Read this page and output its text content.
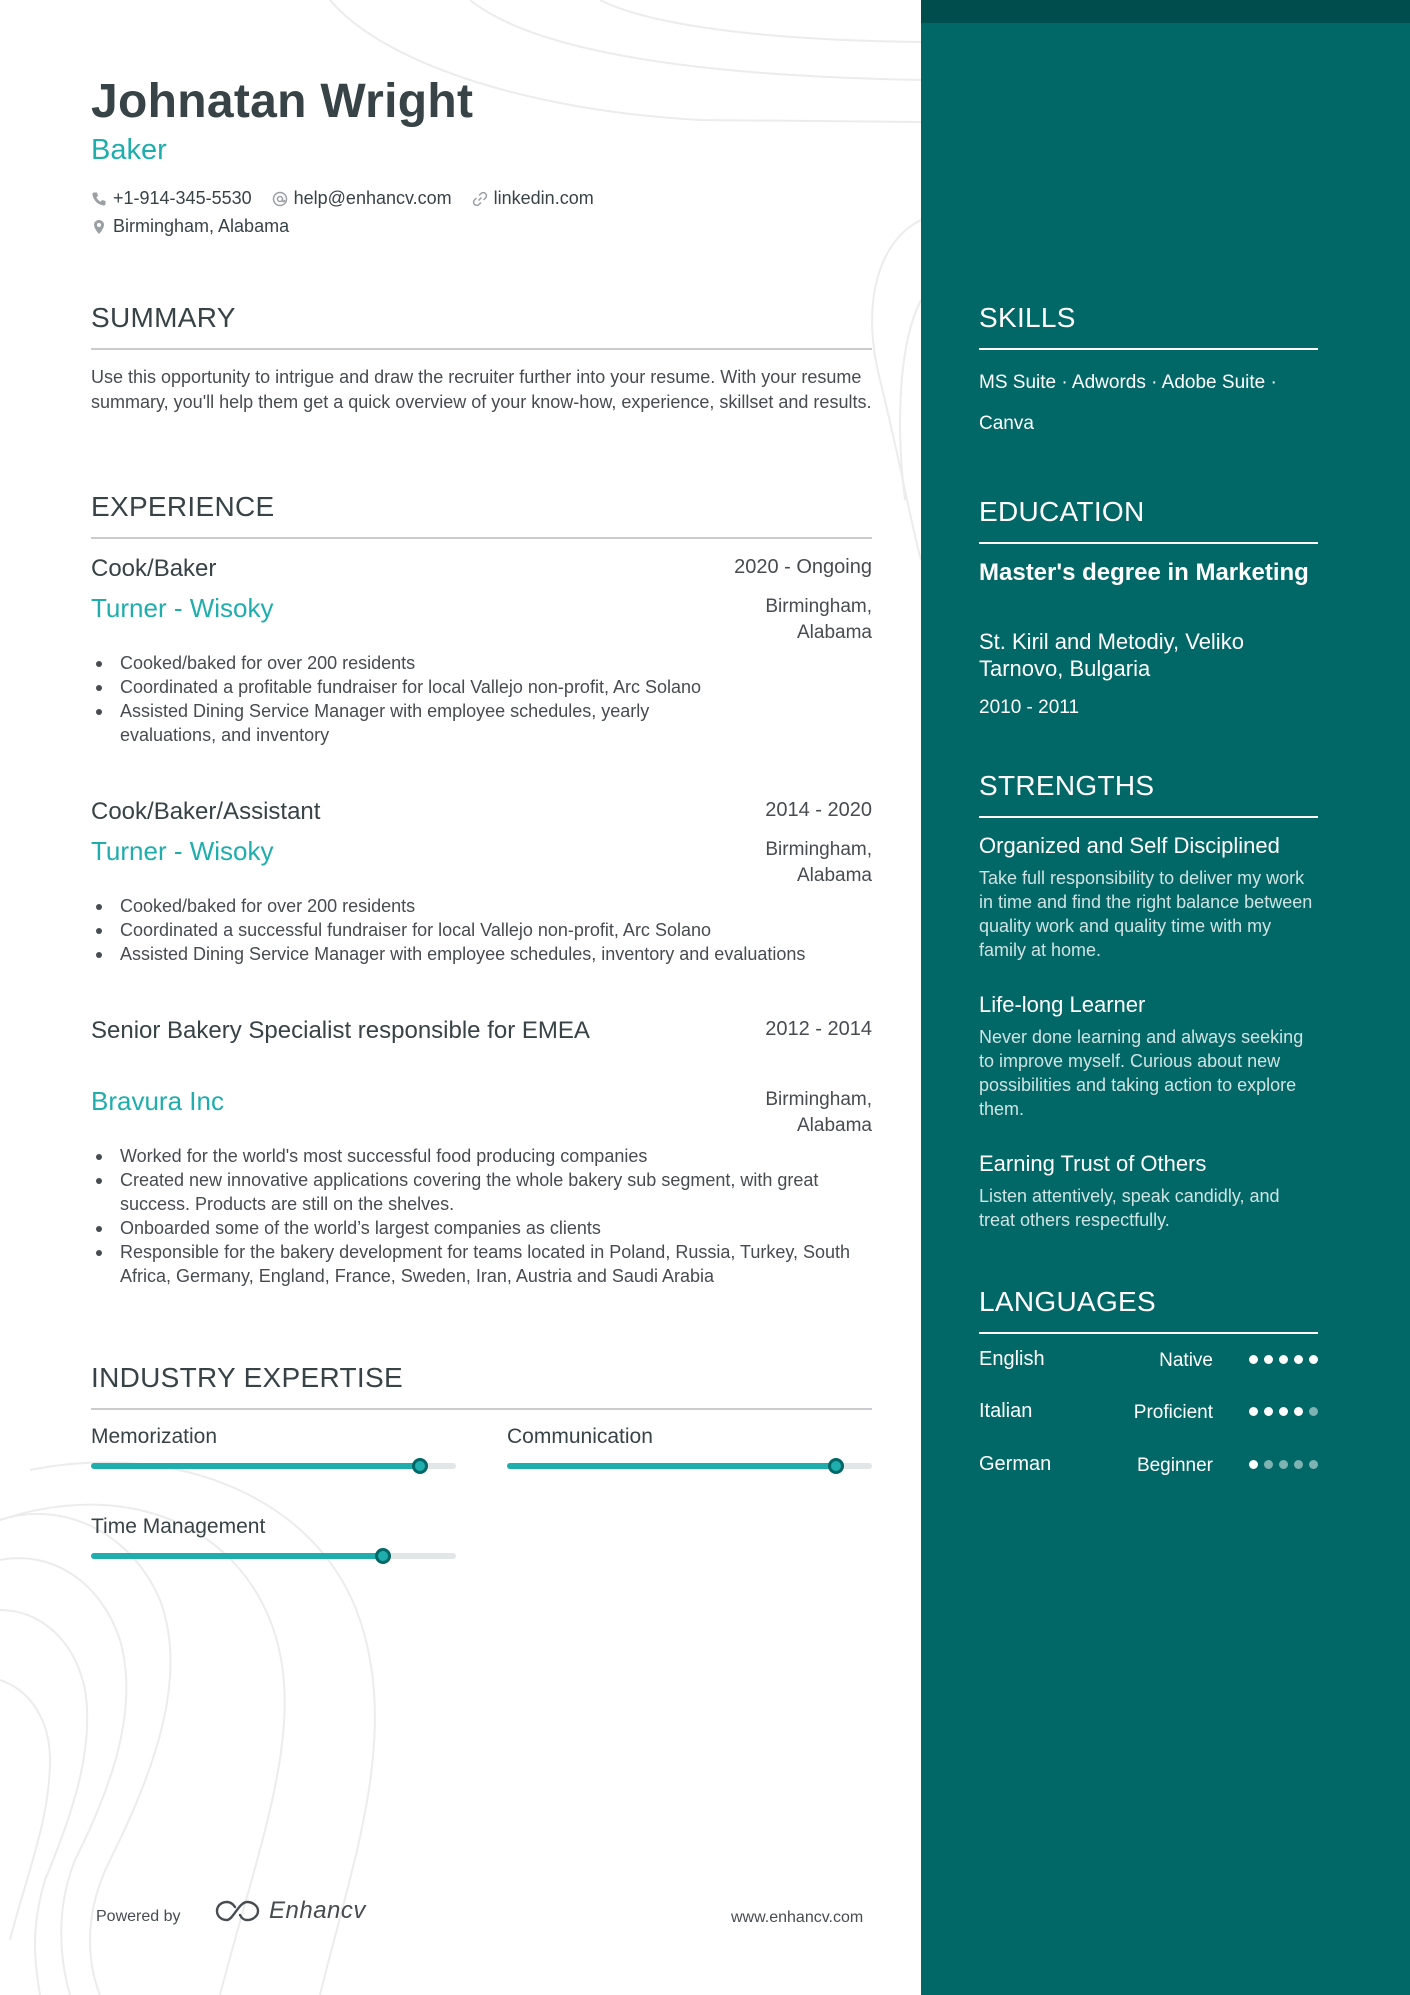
Johnatan Wright
Baker
+1-914-345-5530 help@enhancv.com linkedin.com
Birmingham, Alabama
SUMMARY
Use this opportunity to intrigue and draw the recruiter further into your resume. With your resume summary, you'll help them get a quick overview of your know-how, experience, skillset and results.
EXPERIENCE
Cook/Baker	2020 - Ongoing
Turner - Wisoky	Birmingham, Alabama
Cooked/baked for over 200 residents
Coordinated a profitable fundraiser for local Vallejo non-profit, Arc Solano
Assisted Dining Service Manager with employee schedules, yearly evaluations, and inventory
Cook/Baker/Assistant	2014 - 2020
Turner - Wisoky	Birmingham, Alabama
Cooked/baked for over 200 residents
Coordinated a successful fundraiser for local Vallejo non-profit, Arc Solano
Assisted Dining Service Manager with employee schedules, inventory and evaluations
Senior Bakery Specialist responsible for EMEA	2012 - 2014
Bravura Inc	Birmingham, Alabama
Worked for the world's most successful food producing companies
Created new innovative applications covering the whole bakery sub segment, with great success. Products are still on the shelves.
Onboarded some of the world’s largest companies as clients
Responsible for the bakery development for teams located in Poland, Russia, Turkey, South Africa, Germany, England, France, Sweden, Iran, Austria and Saudi Arabia
INDUSTRY EXPERTISE
Memorization	Communication
Time Management
SKILLS
MS Suite · Adwords · Adobe Suite · Canva
EDUCATION
Master's degree in Marketing
St. Kiril and Metodiy, Veliko Tarnovo, Bulgaria
2010 - 2011
STRENGTHS
Organized and Self Disciplined
Take full responsibility to deliver my work in time and find the right balance between quality work and quality time with my family at home.
Life-long Learner
Never done learning and always seeking to improve myself. Curious about new possibilities and taking action to explore them.
Earning Trust of Others
Listen attentively, speak candidly, and treat others respectfully.
LANGUAGES
English	Native
Italian	Proficient
German	Beginner
Powered by	Enhancv	www.enhancv.com
